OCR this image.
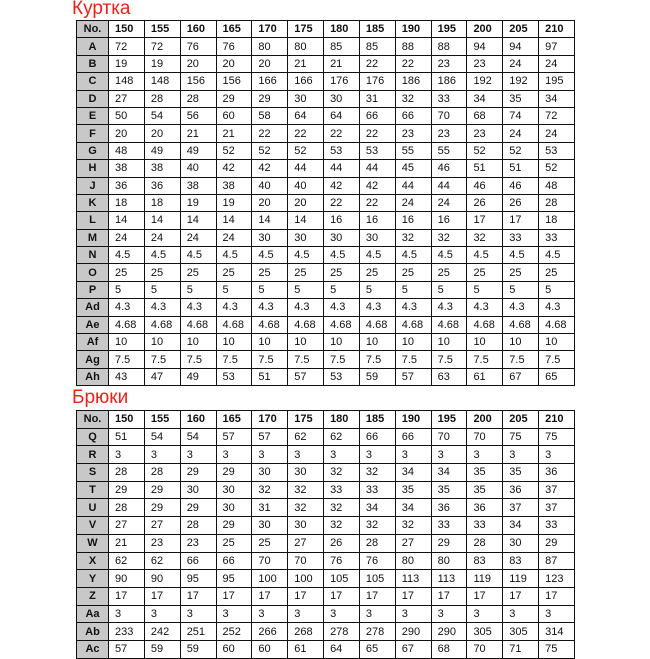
Куртка
No.	150	155	160	165	170	175	180	185	190	195	200	205	210
A	72	72	76	76	80	80	85	85	88	88	94	94	97
B	19	19	20	20	20	21	21	22	22	23	23	24	24
C	148	148	156	156	166	166	176	176	186	186	192	192	195
D	27	28	28	29	29	30	30	31	32	33	34	35	34
E	50	54	56	60	58	64	64	66	66	70	68	74	72
F	20	20	21	21	22	22	22	22	23	23	23	24	24
G	48	49	49	52	52	52	53	53	55	55	52	52	53
H	38	38	40	42	42	44	44	44	45	46	51	51	52
J	36	36	38	38	40	40	42	42	44	44	46	46	48
K	18	18	19	19	20	20	22	22	24	24	26	26	28
L	14	14	14	14	14	14	16	16	16	16	17	17	18
M	24	24	24	24	30	30	30	30	32	32	32	33	33
N	4.5	4.5	4.5	4.5	4.5	4.5	4.5	4.5	4.5	4.5	4.5	4.5	4.5
O	25	25	25	25	25	25	25	25	25	25	25	25	25
P	5	5	5	5	5	5	5	5	5	5	5	5	5
Ad	4.3	4.3	4.3	4.3	4.3	4.3	4.3	4.3	4.3	4.3	4.3	4.3	4.3
Ae	4.68	4.68	4.68	4.68	4.68	4.68	4.68	4.68	4.68	4.68	4.68	4.68	4.68
Af	10	10	10	10	10	10	10	10	10	10	10	10	10
Ag	7.5	7.5	7.5	7.5	7.5	7.5	7.5	7.5	7.5	7.5	7.5	7.5	7.5
Ah	43	47	49	53	51	57	53	59	57	63	61	67	65
Брюки
No.	150	155	160	165	170	175	180	185	190	195	200	205	210
Q	51	54	54	57	57	62	62	66	66	70	70	75	75
R	3	3	3	3	3	3	3	3	3	3	3	3	3
S	28	28	29	29	30	30	32	32	34	34	35	35	36
T	29	29	30	30	32	32	33	33	35	35	35	36	37
U	28	29	29	30	31	32	32	34	34	36	36	37	37
V	27	27	28	29	30	30	32	32	32	33	33	34	33
W	21	23	23	25	25	27	26	28	27	29	28	30	29
X	62	62	66	66	70	70	76	76	80	80	83	83	87
Y	90	90	95	95	100	100	105	105	113	113	119	119	123
Z	17	17	17	17	17	17	17	17	17	17	17	17	17
Aa	3	3	3	3	3	3	3	3	3	3	3	3	3
Ab	233	242	251	252	266	268	278	278	290	290	305	305	314
Ac	57	59	59	60	60	61	64	65	67	68	70	71	75
